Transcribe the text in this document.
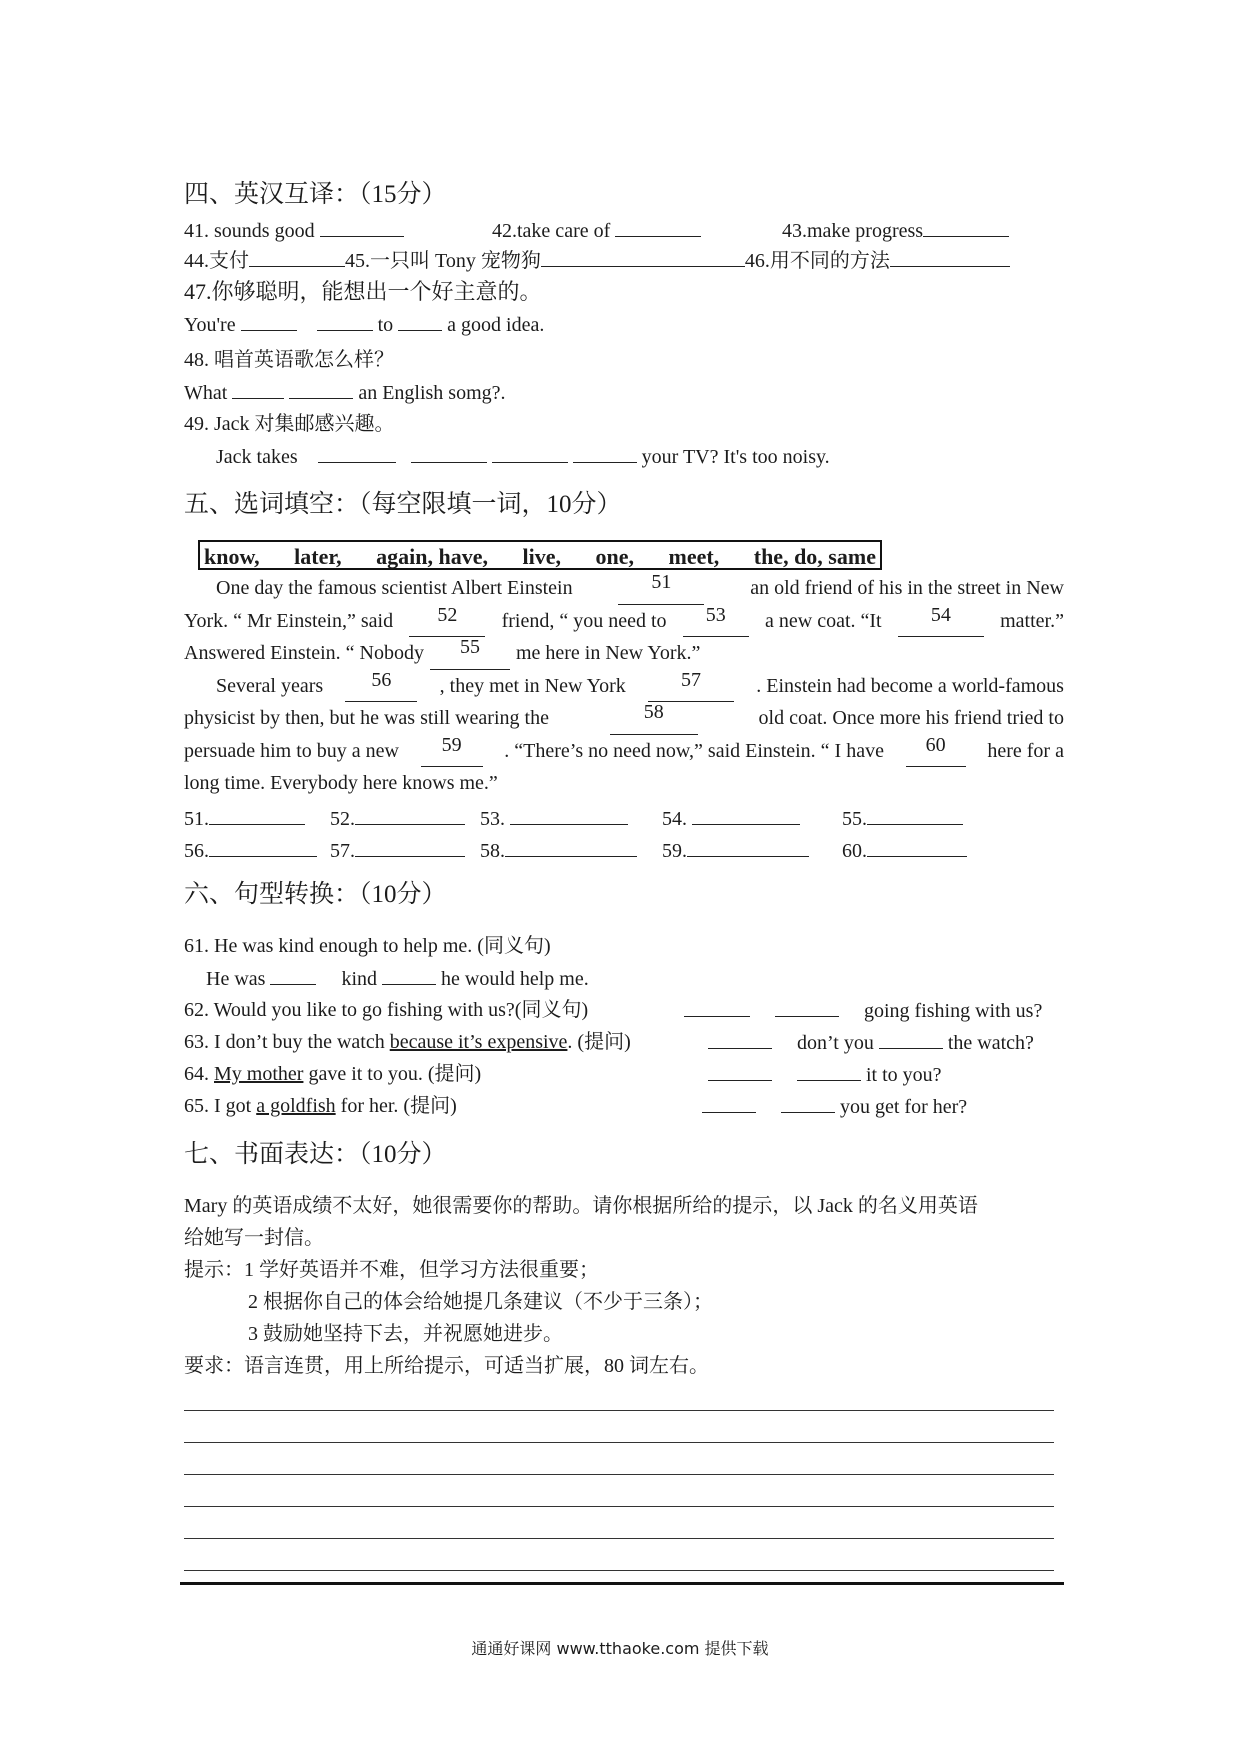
四、英汉互译：（15分）
41. sounds good	42.take care of	43.make progress
44.支付	45.一只叫 Tony 宠物狗	46.用不同的方法
47.你够聪明，能想出一个好主意的。
You're	to	a good idea.
48. 唱首英语歌怎么样？
What	an English somg?.
49. Jack 对集邮感兴趣。
Jack takes	your TV? It's too noisy.
五、选词填空：（每空限填一词，10分）
know, later, again, have, live, one, meet, the, do, same
One day the famous scientist Albert Einstein	51	an old friend of his in the street in New
York. “ Mr Einstein,” said	52	friend, “ you need to	53	a new coat. “It	54	matter.”
Answered Einstein. “ Nobody	55	me here in New York.”
Several years	56	, they met in New York	57	. Einstein had become a world-famous
physicist by then, but he was still wearing the	58	old coat. Once more his friend tried to
persuade him to buy a new	59	. “There’s no need now,” said Einstein. “ I have	60	here for a
long time. Everybody here knows me.”
51.	52.	53.	54.	55.
56.	57.	58.	59.	60.
六、句型转换：（10分）
61. He was kind enough to help me. (同义句)
He was	kind	he would help me.
62. Would you like to go fishing with us?(同义句)	going fishing with us?
63. I don’t buy the watch because it’s expensive. (提问)	don’t you	the watch?
64. My mother gave it to you. (提问)	it to you?
65. I got a goldfish for her. (提问)	you get for her?
七、书面表达：（10分）
Mary 的英语成绩不太好，她很需要你的帮助。请你根据所给的提示，以 Jack 的名义用英语
给她写一封信。
提示：1 学好英语并不难，但学习方法很重要；
2 根据你自己的体会给她提几条建议（不少于三条）；
3 鼓励她坚持下去，并祝愿她进步。
要求：语言连贯，用上所给提示，可适当扩展，80 词左右。
通通好课网 www.tthaoke.com 提供下载
